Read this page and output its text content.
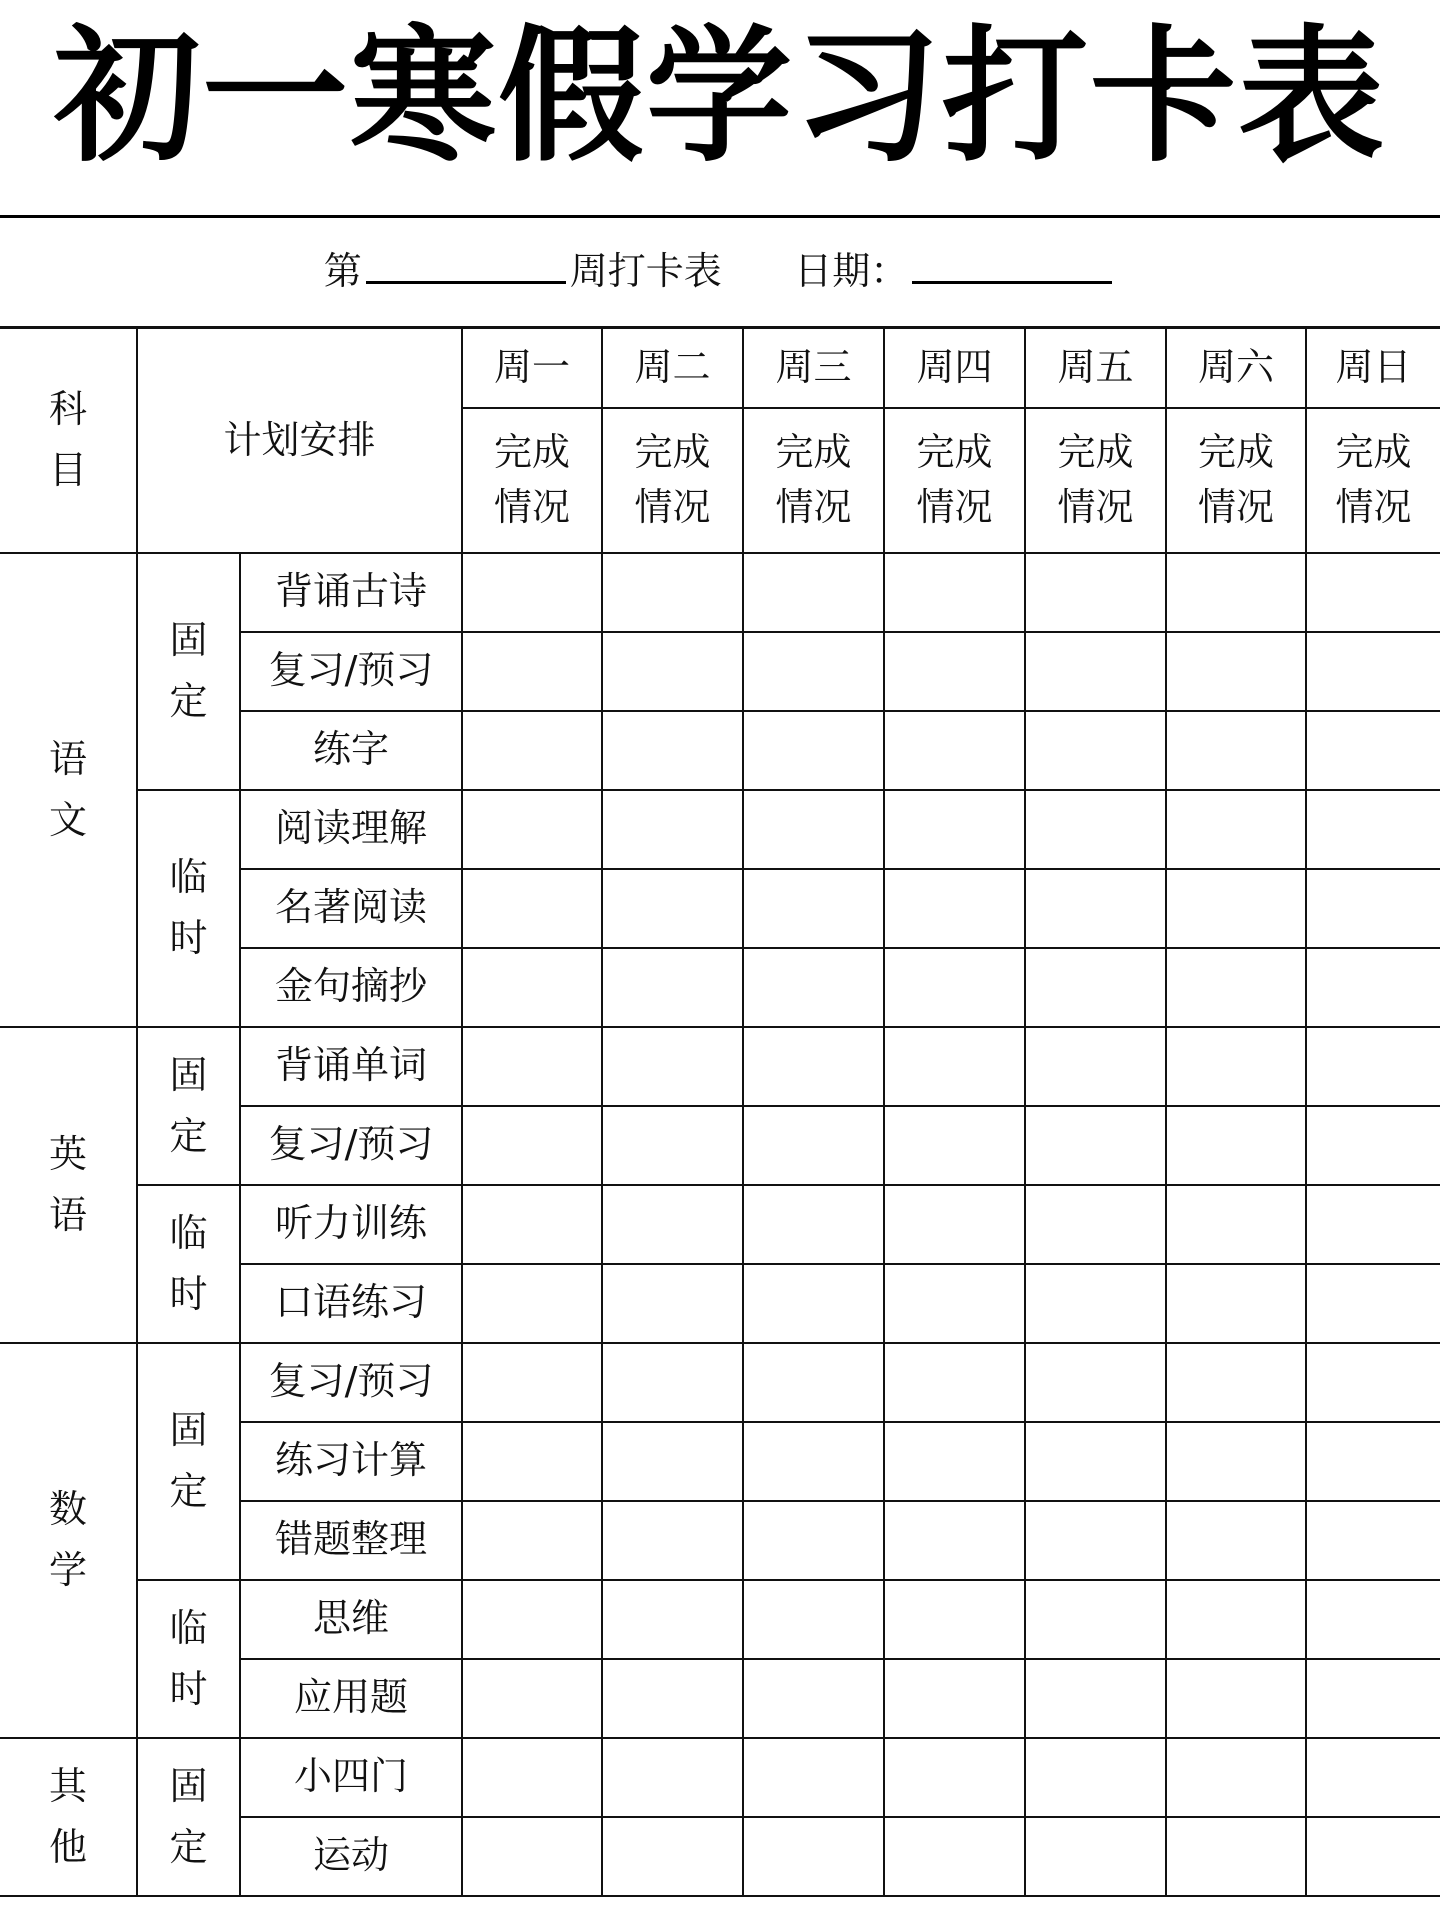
初一寒假学习打卡表
第	周打卡表 日期：
科目	计划安排		周一	周二	周三	周四	周五	周六	周日

			完成情况	完成情况	完成情况	完成情况	完成情况	完成情况	完成情况

语文	固定	背诵古诗							
		复习/预习							
		练字							
	临时	阅读理解							
		名著阅读							
		金句摘抄							
英语	固定	背诵单词							
		复习/预习							
	临时	听力训练							
		口语练习							
数学	固定	复习/预习							
		练习计算							
		错题整理							
	临时	思维							
		应用题							
其他	固定	小四门							
		运动							
